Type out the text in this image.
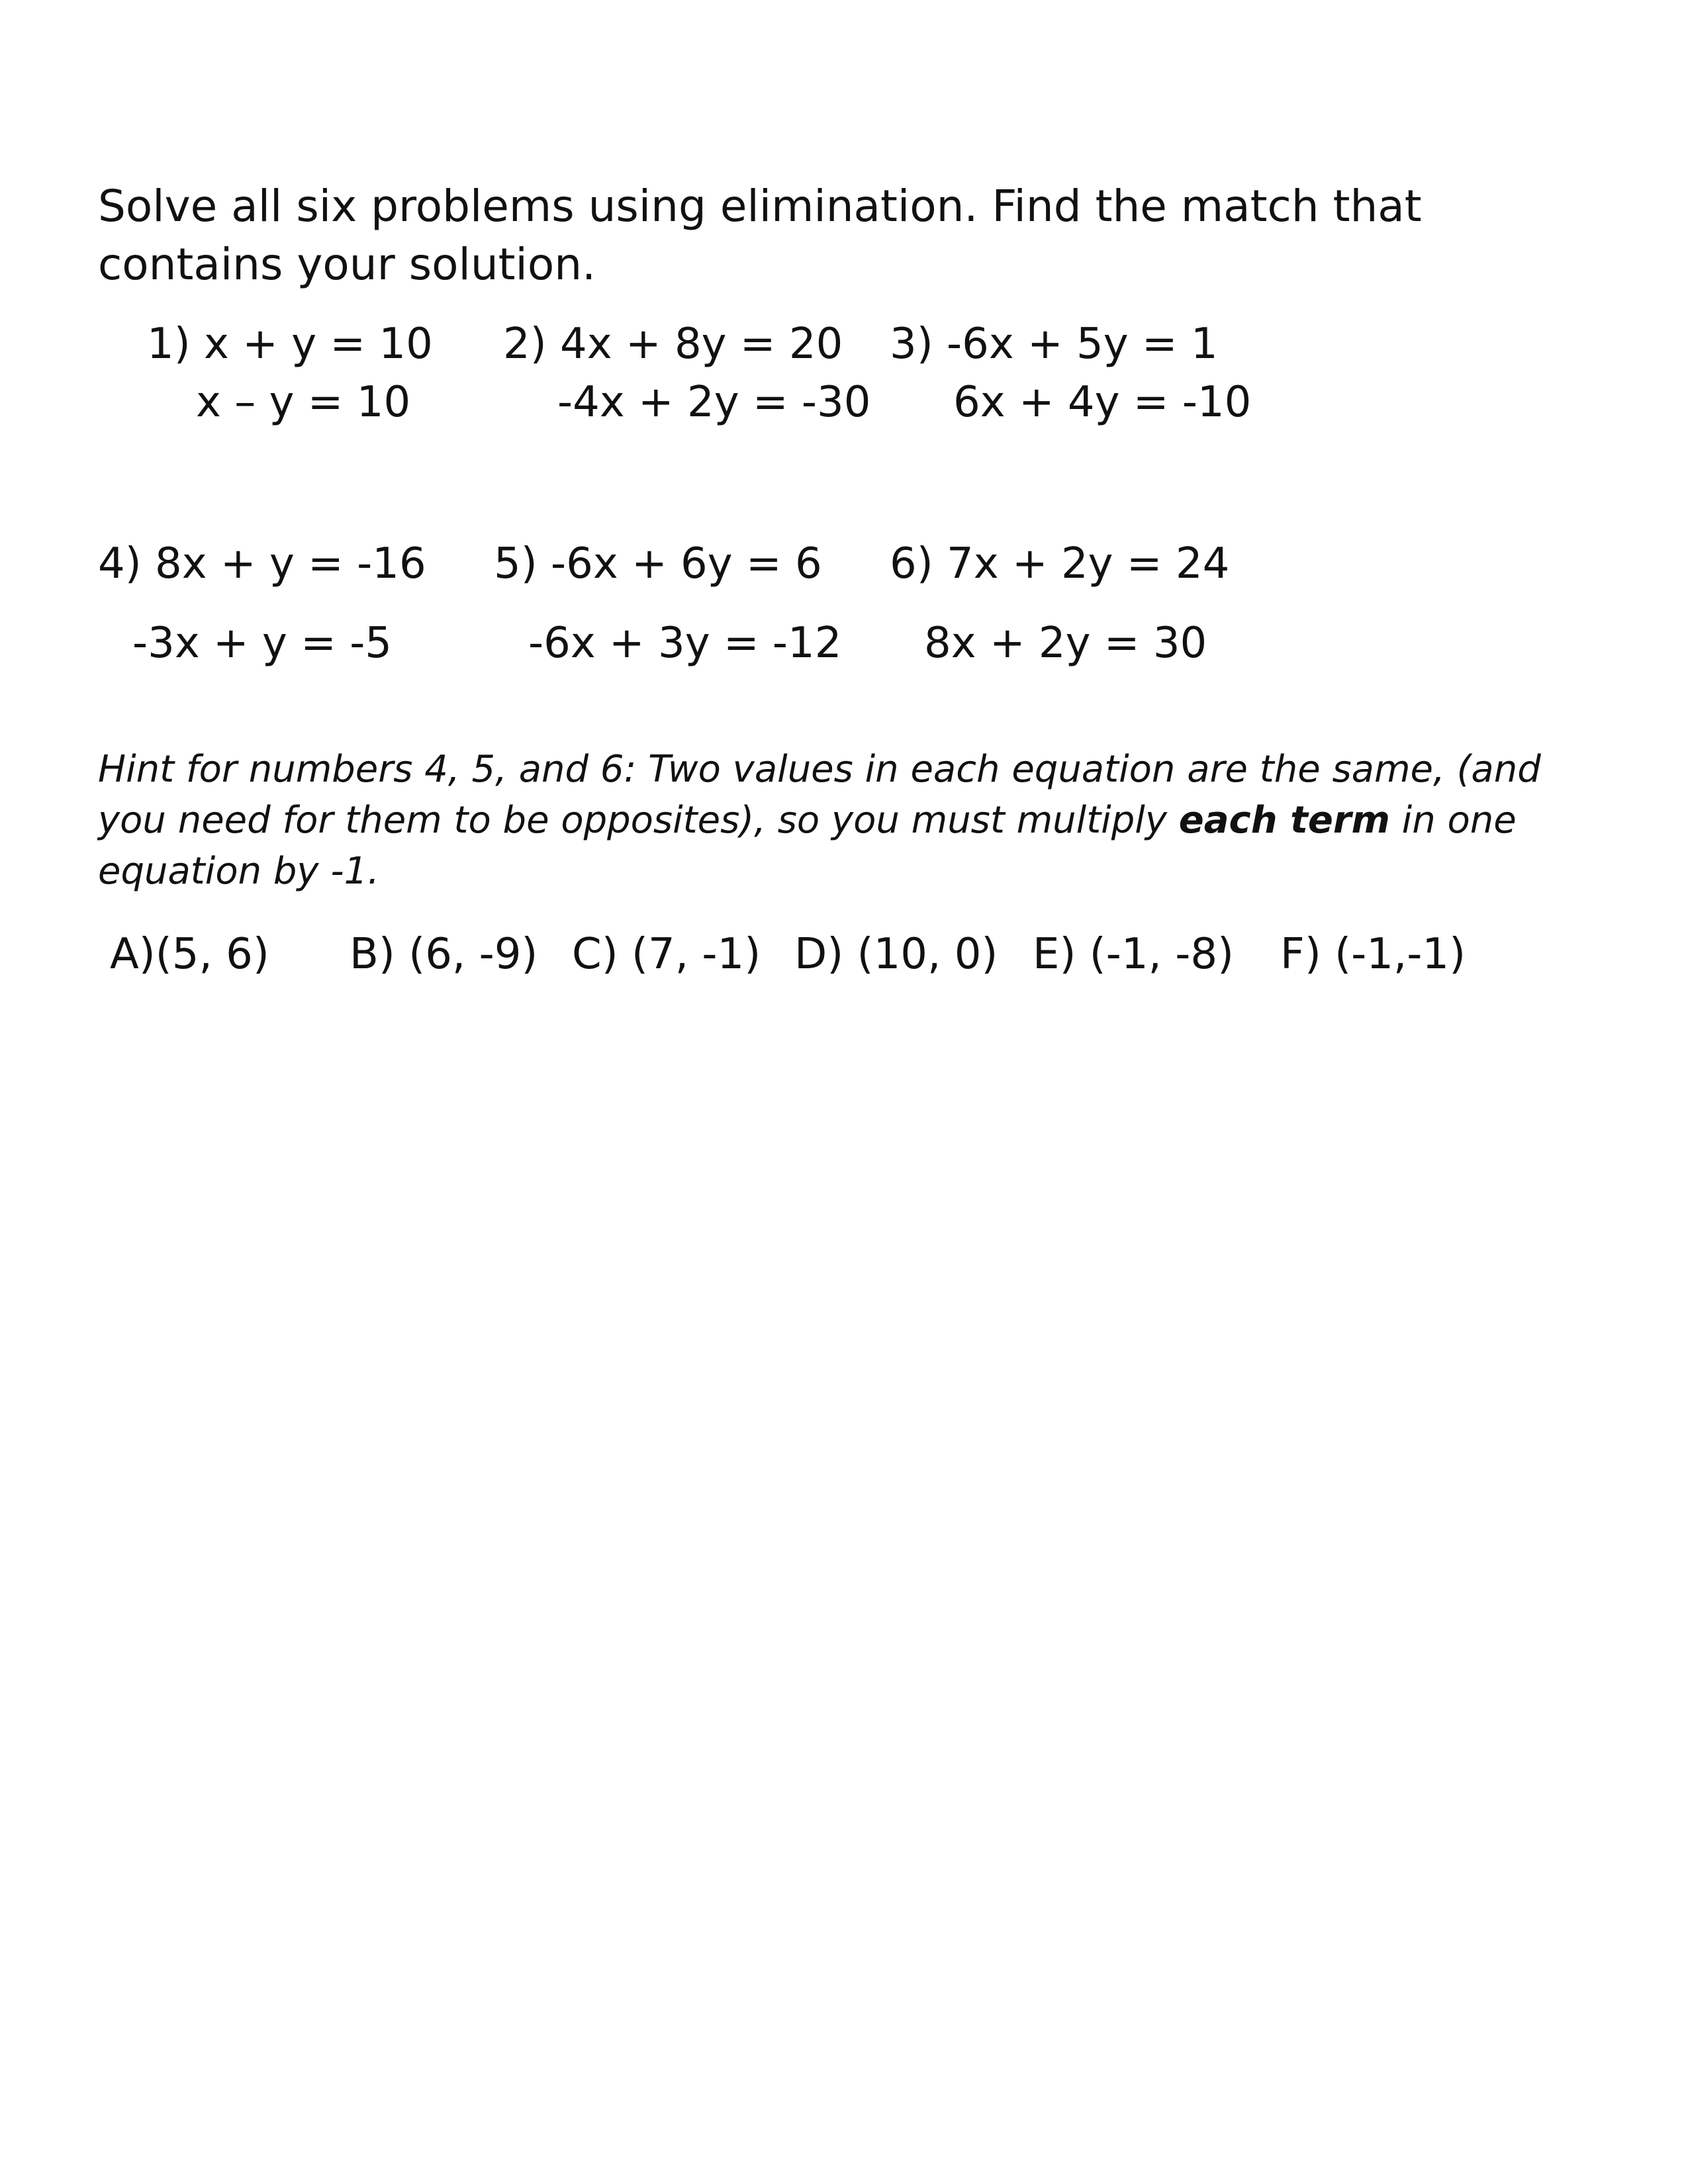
Solve all six problems using elimination. Find the match that contains your solution.
1) x + y = 10
x – y = 10
2) 4x + 8y = 20
-4x + 2y = -30
3) -6x + 5y = 1
6x + 4y = -10
4) 8x + y = -16
-3x + y = -5
5) -6x + 6y = 6
-6x + 3y = -12
6) 7x + 2y = 24
8x + 2y = 30
Hint for numbers 4, 5, and 6: Two values in each equation are the same, (and you need for them to be opposites), so you must multiply each term in one equation by -1.
A)(5, 6) B) (6, -9) C) (7, -1) D) (10, 0) E) (-1, -8) F) (-1,-1)
